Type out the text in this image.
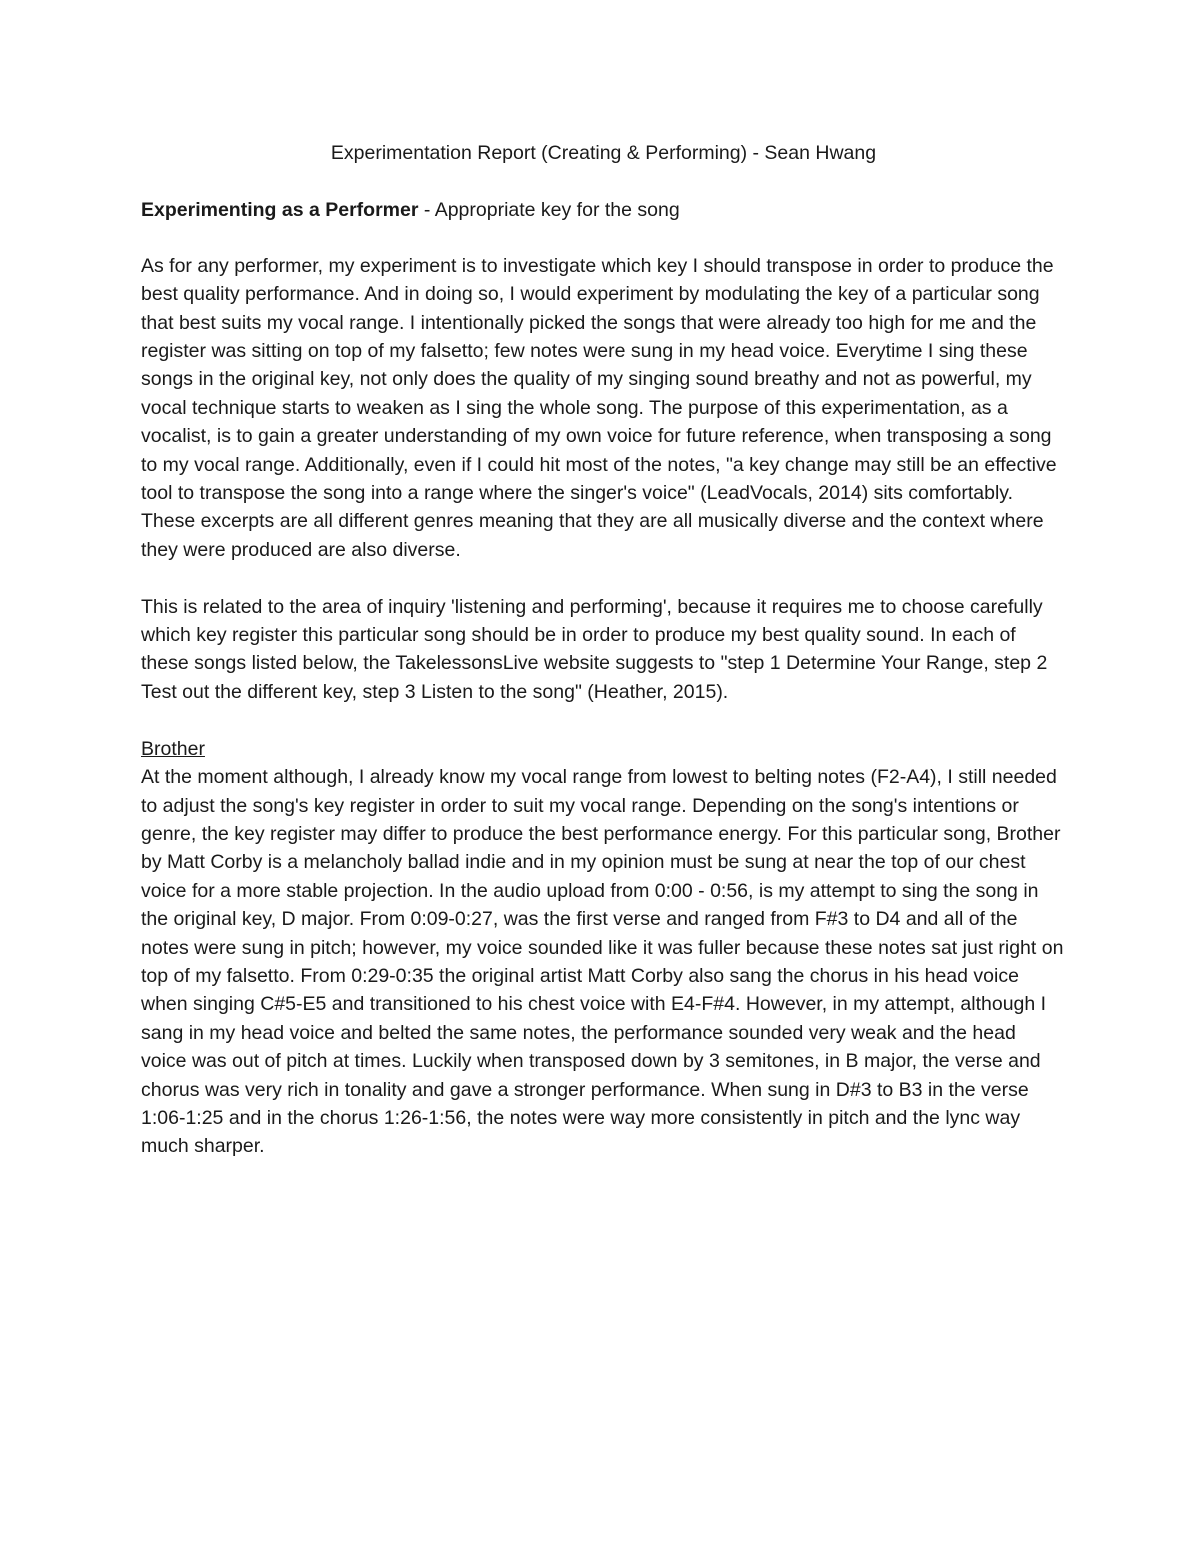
Experimentation Report (Creating & Performing) - Sean Hwang
Experimenting as a Performer - Appropriate key for the song

As for any performer, my experiment is to investigate which key I should transpose in order to produce the best quality performance. And in doing so, I would experiment by modulating the key of a particular song that best suits my vocal range. I intentionally picked the songs that were already too high for me and the register was sitting on top of my falsetto; few notes were sung in my head voice. Everytime I sing these songs in the original key, not only does the quality of my singing sound breathy and not as powerful, my vocal technique starts to weaken as I sing the whole song. The purpose of this experimentation, as a vocalist, is to gain a greater understanding of my own voice for future reference, when transposing a song to my vocal range. Additionally, even if I could hit most of the notes, "a key change may still be an effective tool to transpose the song into a range where the singer's voice" (LeadVocals, 2014) sits comfortably. These excerpts are all different genres meaning that they are all musically diverse and the context where they were produced are also diverse.

This is related to the area of inquiry 'listening and performing', because it requires me to choose carefully which key register this particular song should be in order to produce my best quality sound. In each of these songs listed below, the TakelessonsLive website suggests to "step 1 Determine Your Range, step 2 Test out the different key, step 3 Listen to the song" (Heather, 2015).

Brother

At the moment although, I already know my vocal range from lowest to belting notes (F2-A4), I still needed to adjust the song's key register in order to suit my vocal range. Depending on the song's intentions or genre, the key register may differ to produce the best performance energy. For this particular song, Brother by Matt Corby is a melancholy ballad indie and in my opinion must be sung at near the top of our chest voice for a more stable projection. In the audio upload from 0:00 - 0:56, is my attempt to sing the song in the original key, D major. From 0:09-0:27, was the first verse and ranged from F#3 to D4 and all of the notes were sung in pitch; however, my voice sounded like it was fuller because these notes sat just right on top of my falsetto. From 0:29-0:35 the original artist Matt Corby also sang the chorus in his head voice when singing C#5-E5 and transitioned to his chest voice with E4-F#4. However, in my attempt, although I sang in my head voice and belted the same notes, the performance sounded very weak and the head voice was out of pitch at times. Luckily when transposed down by 3 semitones, in B major, the verse and chorus was very rich in tonality and gave a stronger performance. When sung in D#3 to B3 in the verse 1:06-1:25 and in the chorus 1:26-1:56, the notes were way more consistently in pitch and the lync way much sharper.
